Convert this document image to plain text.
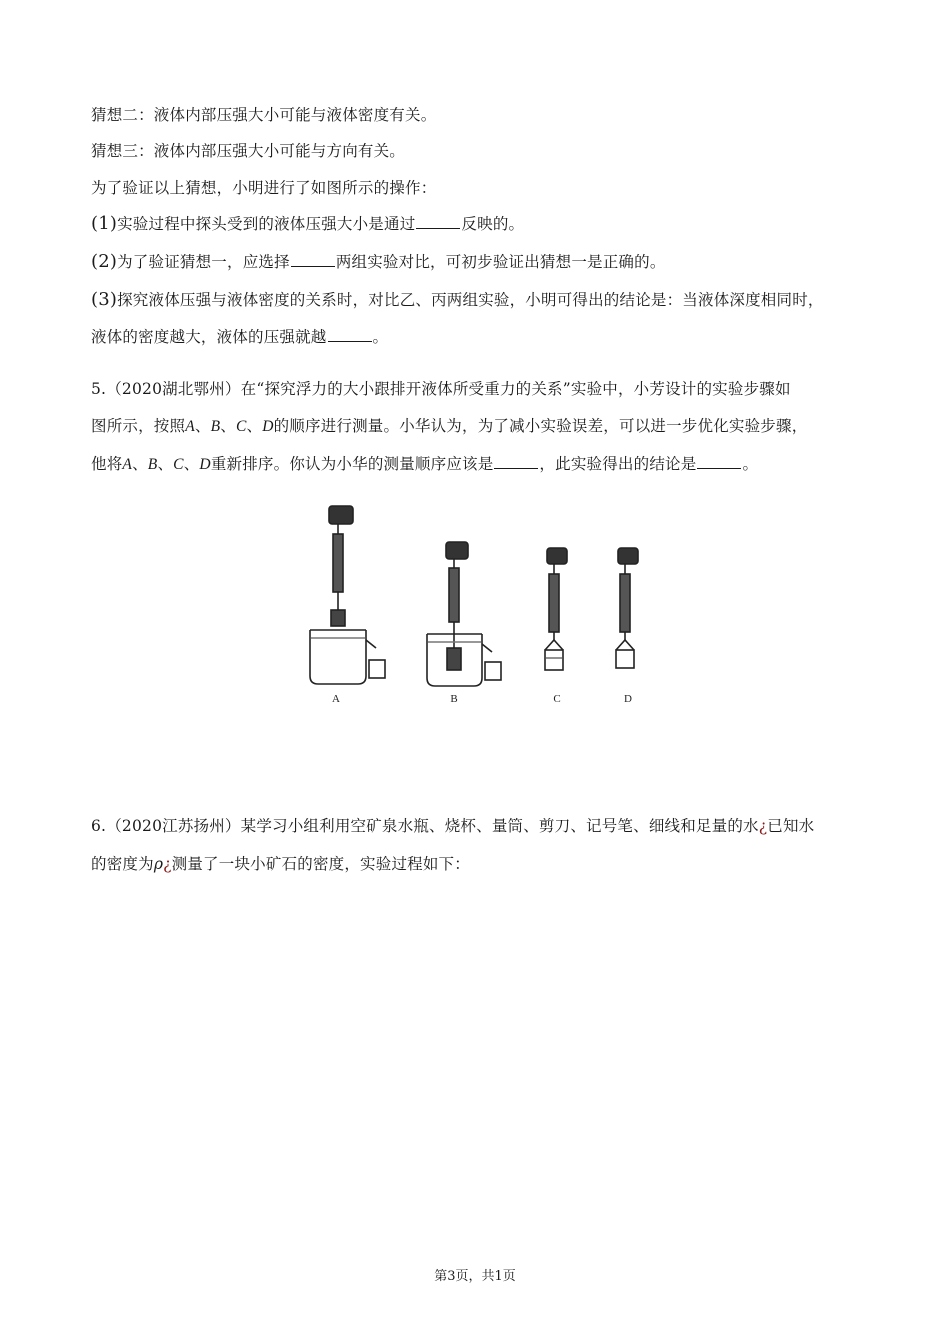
猜想二：液体内部压强大小可能与液体密度有关。
猜想三：液体内部压强大小可能与方向有关。
为了验证以上猜想，小明进行了如图所示的操作：
(1)实验过程中探头受到的液体压强大小是通过	反映的。
(2)为了验证猜想一，应选择	两组实验对比，可初步验证出猜想一是正确的。
(3)探究液体压强与液体密度的关系时，对比乙、丙两组实验，小明可得出的结论是：当液体深度相同时，
液体的密度越大，液体的压强就越	。
5.（2020湖北鄂州）在“探究浮力的大小跟排开液体所受重力的关系”实验中，小芳设计的实验步骤如
图所示，按照A、B、C、D的顺序进行测量。小华认为，为了减小实验误差，可以进一步优化实验步骤，
他将A、B、C、D重新排序。你认为小华的测量顺序应该是	，此实验得出的结论是	。
A	B	C	D
6.（2020江苏扬州）某学习小组利用空矿泉水瓶、烧杯、量筒、剪刀、记号笔、细线和足量的水¿已知水
的密度为ρ¿测量了一块小矿石的密度，实验过程如下：
第3页，共1页
